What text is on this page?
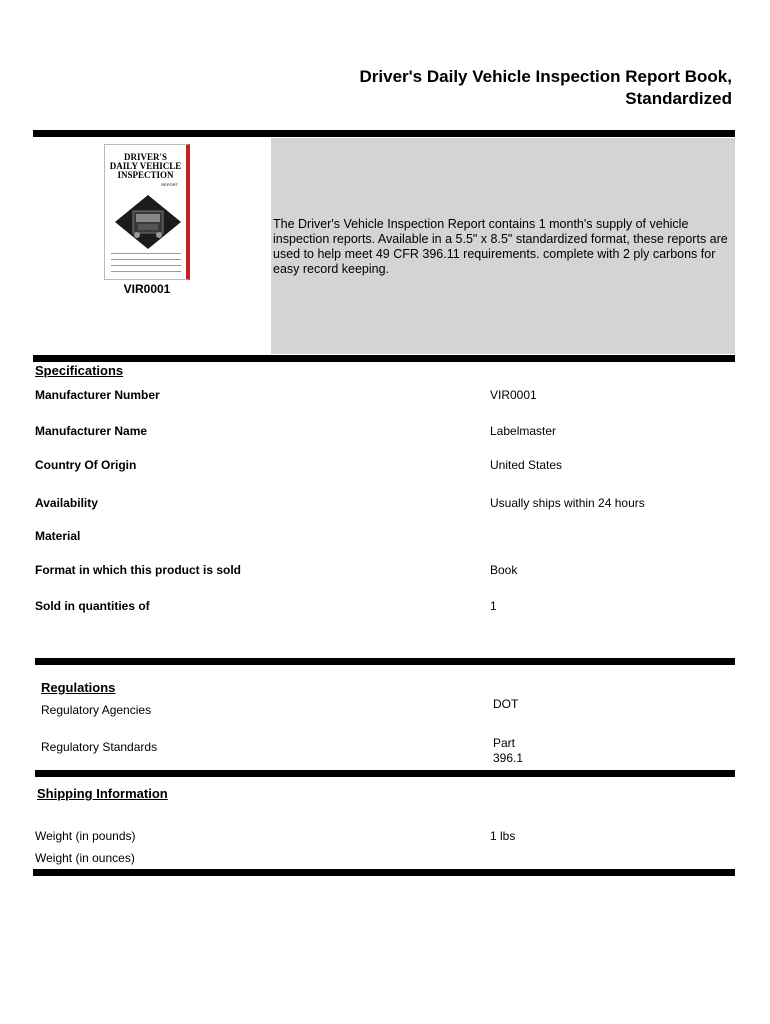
Driver's Daily Vehicle Inspection Report Book,
Standardized
DRIVER'S
DAILY VEHICLE
INSPECTION
REPORT
VIR0001
The Driver's Vehicle Inspection Report contains 1 month's supply of vehicle inspection reports. Available in a 5.5" x 8.5" standardized format, these reports are used to help meet 49 CFR 396.11 requirements. complete with 2 ply carbons for easy record keeping.
Specifications
Manufacturer Number	VIR0001
Manufacturer Name	Labelmaster
Country Of Origin	United States
Availability	Usually ships within 24 hours
Material
Format in which this product is sold	Book
Sold in quantities of	1
Regulations
Regulatory Agencies	DOT
Regulatory Standards	Part
396.1
Shipping Information
Weight (in pounds)	1 lbs
Weight (in ounces)
